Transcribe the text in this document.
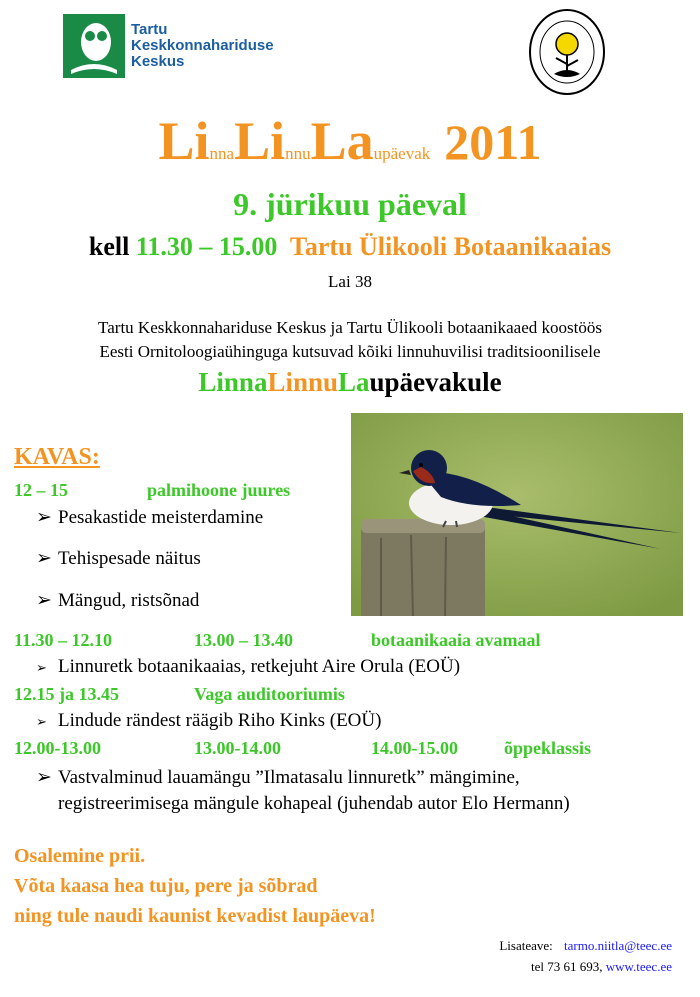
Tartu
Keskkonnahariduse
Keskus
LinnaLinnuLaupäevak 2011
9. jürikuu päeval
kell 11.30 – 15.00 Tartu Ülikooli Botaanikaaias
Lai 38
Tartu Keskkonnahariduse Keskus ja Tartu Ülikooli botaanikaaed koostöös
Eesti Ornitoloogiaühinguga kutsuvad kõiki linnuhuvilisi traditsioonilisele
LinnaLinnuLaupäevakule
KAVAS:
12 – 15	palmihoone juures
➢ Pesakastide meisterdamine
➢ Tehispesade näitus
➢ Mängud, ristsõnad
11.30 – 12.10	13.00 – 13.40	botaanikaaia avamaal
➢ Linnuretk botaanikaaias, retkejuht Aire Orula (EOÜ)
12.15 ja 13.45	Vaga auditooriumis
➢ Lindude rändest räägib Riho Kinks (EOÜ)
12.00-13.00	13.00-14.00	14.00-15.00	õppeklassis
➢ Vastvalminud lauamängu ”Ilmatasalu linnuretk” mängimine,
registreerimisega mängule kohapeal (juhendab autor Elo Hermann)
Osalemine prii.
Võta kaasa hea tuju, pere ja sõbrad
ning tule naudi kaunist kevadist laupäeva!
Lisateave: tarmo.niitla@teec.ee
tel 73 61 693, www.teec.ee
